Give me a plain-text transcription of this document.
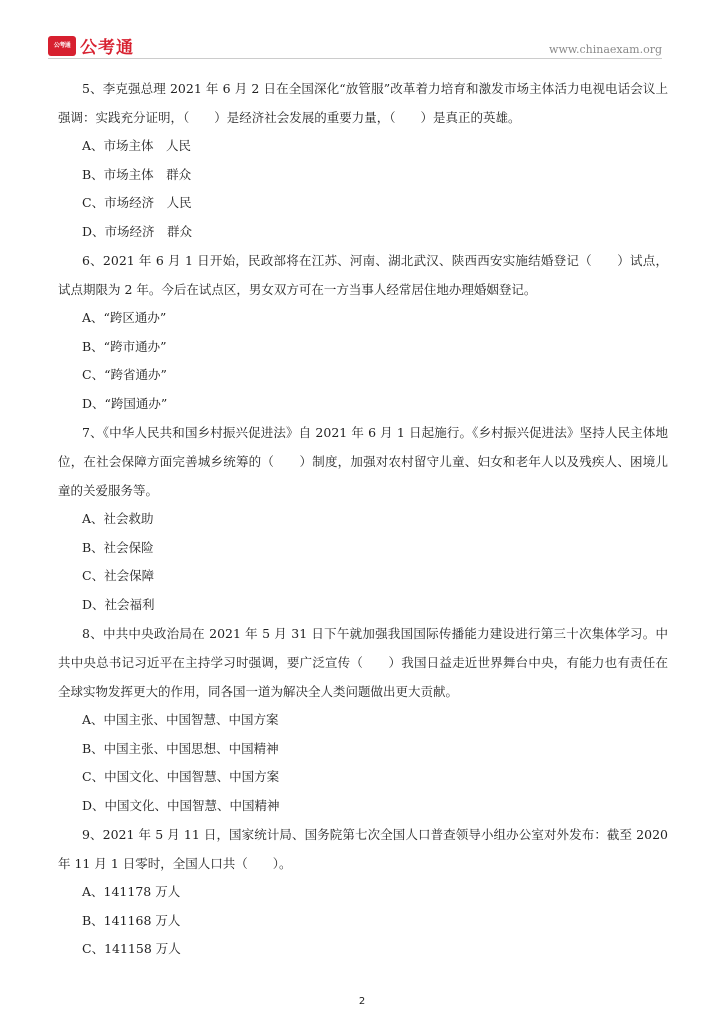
公考通 公考通	www.chinaexam.org

5、李克强总理 2021 年 6 月 2 日在全国深化“放管服”改革着力培育和激发市场主体活力电视电话会议上强调：实践充分证明，（　　）是经济社会发展的重要力量，（　　）是真正的英雄。

A、市场主体　人民

B、市场主体　群众

C、市场经济　人民

D、市场经济　群众

6、2021 年 6 月 1 日开始，民政部将在江苏、河南、湖北武汉、陕西西安实施结婚登记（　　）试点，试点期限为 2 年。今后在试点区，男女双方可在一方当事人经常居住地办理婚姻登记。

A、“跨区通办”

B、“跨市通办”

C、“跨省通办”

D、“跨国通办”

7、《中华人民共和国乡村振兴促进法》自 2021 年 6 月 1 日起施行。《乡村振兴促进法》坚持人民主体地位，在社会保障方面完善城乡统筹的（　　）制度，加强对农村留守儿童、妇女和老年人以及残疾人、困境儿童的关爱服务等。

A、社会救助

B、社会保险

C、社会保障

D、社会福利

8、中共中央政治局在 2021 年 5 月 31 日下午就加强我国国际传播能力建设进行第三十次集体学习。中共中央总书记习近平在主持学习时强调，要广泛宣传（　　）我国日益走近世界舞台中央，有能力也有责任在全球实物发挥更大的作用，同各国一道为解决全人类问题做出更大贡献。

A、中国主张、中国智慧、中国方案

B、中国主张、中国思想、中国精神

C、中国文化、中国智慧、中国方案

D、中国文化、中国智慧、中国精神

9、2021 年 5 月 11 日，国家统计局、国务院第七次全国人口普查领导小组办公室对外发布：截至 2020 年 11 月 1 日零时，全国人口共（　　）。

A、141178 万人

B、141168 万人

C、141158 万人

2
